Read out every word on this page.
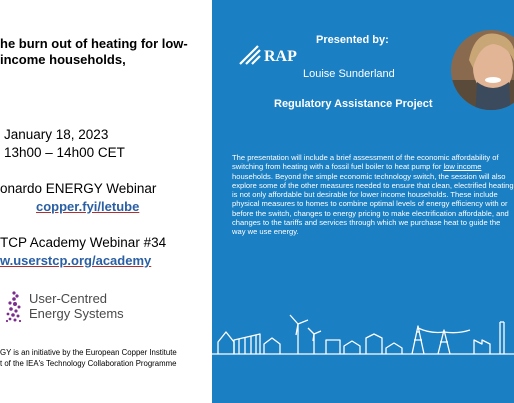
he burn out of heating for low-
income households,
January 18, 2023
13h00 – 14h00 CET
onardo ENERGY Webinar
copper.fyi/letube
TCP Academy Webinar #34
w.userstcp.org/academy
User-Centred
Energy Systems
GY is an initiative by the European Copper Institute
t of the IEA's Technology Collaboration Programme
RAP
Presented by:
Louise Sunderland
Regulatory Assistance Project
The presentation will include a brief assessment of the economic affordability of switching from heating with a fossil fuel boiler to heat pump for low income households. Beyond the simple economic technology switch, the session will also explore some of the other measures needed to ensure that clean, electrified heating is not only affordable but desirable for lower income households. These include physical measures to homes to combine optimal levels of energy efficiency with or before the switch, changes to energy pricing to make electrification affordable, and changes to the tariffs and services through which we purchase heat to guide the way we use energy.
